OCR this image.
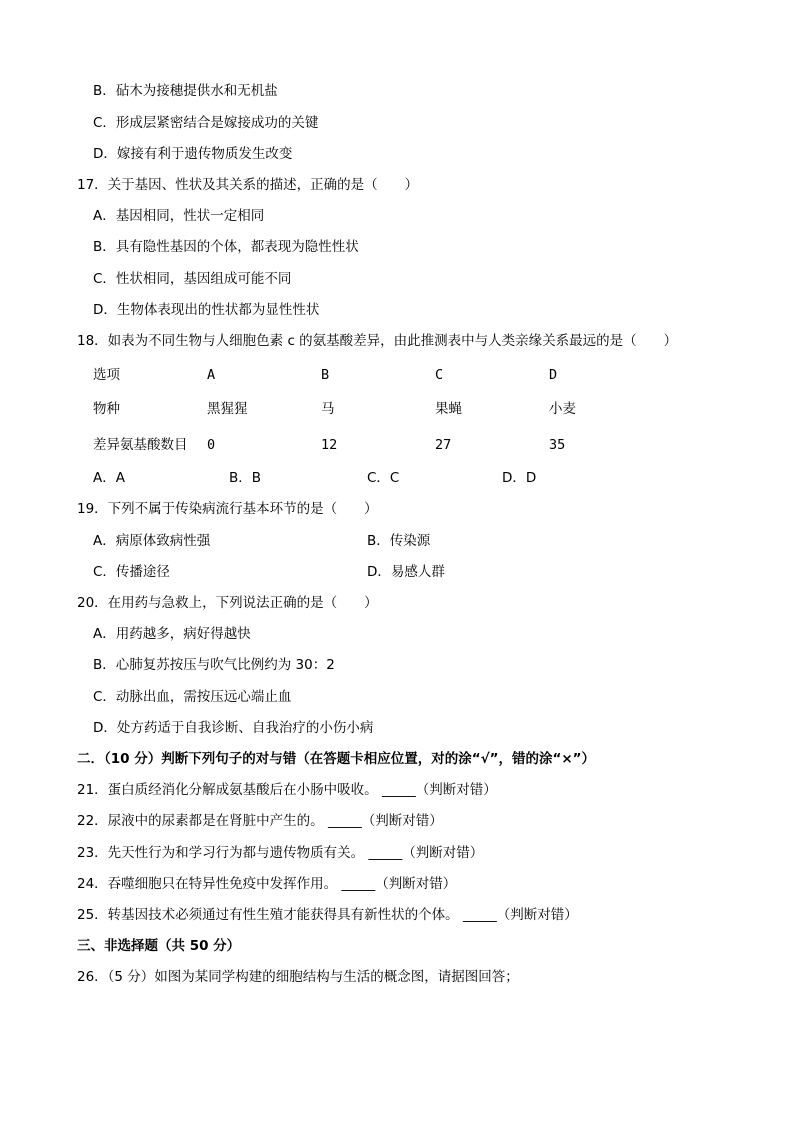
B．砧木为接穗提供水和无机盐
C．形成层紧密结合是嫁接成功的关键
D．嫁接有利于遗传物质发生改变
17．关于基因、性状及其关系的描述，正确的是（　　）
A．基因相同，性状一定相同
B．具有隐性基因的个体，都表现为隐性性状
C．性状相同，基因组成可能不同
D．生物体表现出的性状都为显性性状
18．如表为不同生物与人细胞色素 c 的氨基酸差异，由此推测表中与人类亲缘关系最远的是（　　）
选项	A	B	C	D
物种	黑猩猩	马	果蝇	小麦
差异氨基酸数目 0	12	27	35
A．A	B．B	C．C	D．D
19．下列不属于传染病流行基本环节的是（　　）
A．病原体致病性强	B．传染源
C．传播途径	D．易感人群
20．在用药与急救上，下列说法正确的是（　　）
A．用药越多，病好得越快
B．心肺复苏按压与吹气比例约为 30：2
C．动脉出血，需按压远心端止血
D．处方药适于自我诊断、自我治疗的小伤小病
二．（10 分）判断下列句子的对与错（在答题卡相应位置，对的涂“√”，错的涂“×”）
21．蛋白质经消化分解成氨基酸后在小肠中吸收。 _____（判断对错）
22．尿液中的尿素都是在肾脏中产生的。 _____（判断对错）
23．先天性行为和学习行为都与遗传物质有关。 _____（判断对错）
24．吞噬细胞只在特异性免疫中发挥作用。 _____（判断对错）
25．转基因技术必须通过有性生殖才能获得具有新性状的个体。 _____（判断对错）
三、非选择题（共 50 分）
26．（5 分）如图为某同学构建的细胞结构与生活的概念图，请据图回答；
